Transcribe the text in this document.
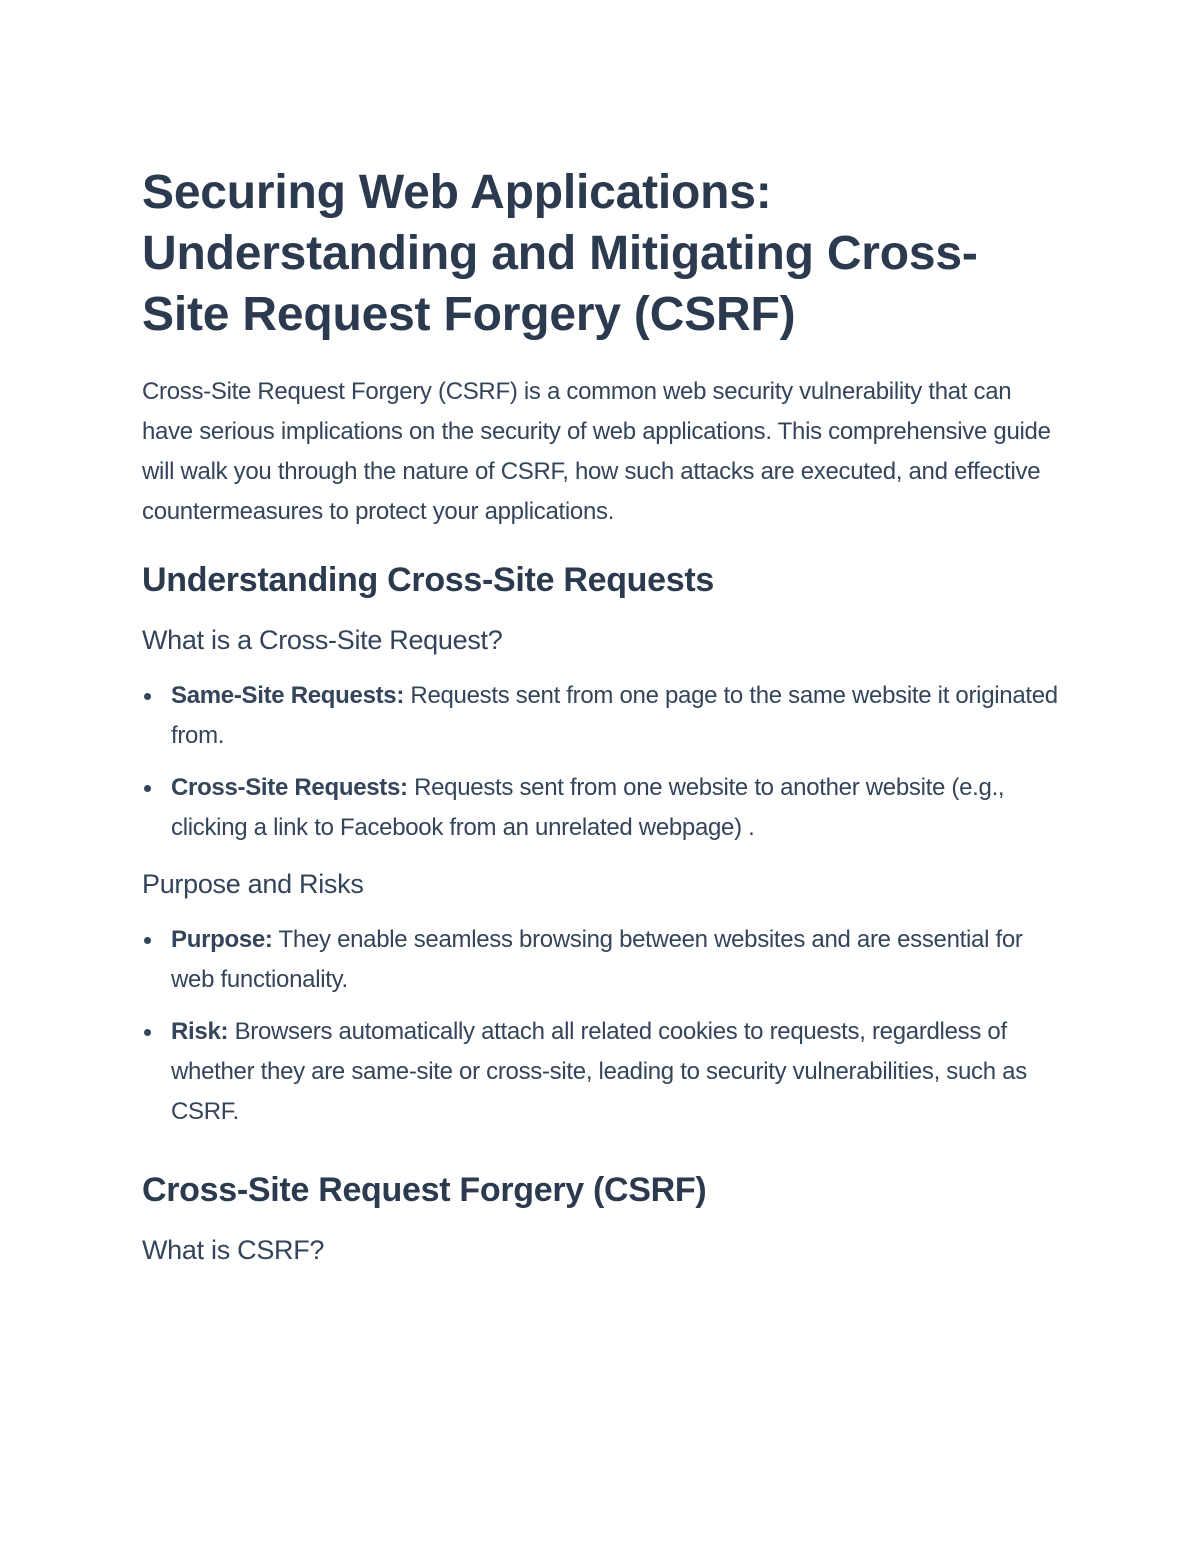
Securing Web Applications: Understanding and Mitigating Cross-Site Request Forgery (CSRF)

Cross-Site Request Forgery (CSRF) is a common web security vulnerability that can have serious implications on the security of web applications. This comprehensive guide will walk you through the nature of CSRF, how such attacks are executed, and effective countermeasures to protect your applications.

Understanding Cross-Site Requests
What is a Cross-Site Request?
Same-Site Requests: Requests sent from one page to the same website it originated from.
Cross-Site Requests: Requests sent from one website to another website (e.g., clicking a link to Facebook from an unrelated webpage) .
Purpose and Risks
Purpose: They enable seamless browsing between websites and are essential for web functionality.
Risk: Browsers automatically attach all related cookies to requests, regardless of whether they are same-site or cross-site, leading to security vulnerabilities, such as CSRF.
Cross-Site Request Forgery (CSRF)
What is CSRF?
